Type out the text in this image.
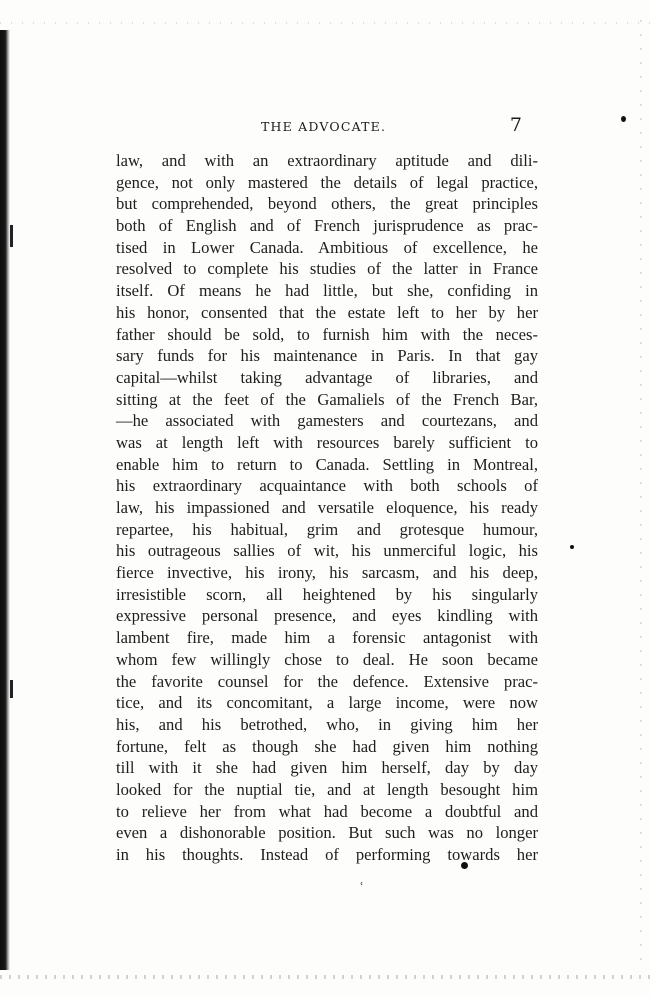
THE ADVOCATE.	7
law, and with an extraordinary aptitude and dili-
gence, not only mastered the details of legal practice,
but comprehended, beyond others, the great principles
both of English and of French jurisprudence as prac-
tised in Lower Canada. Ambitious of excellence, he
resolved to complete his studies of the latter in France
itself. Of means he had little, but she, confiding in
his honor, consented that the estate left to her by her
father should be sold, to furnish him with the neces-
sary funds for his maintenance in Paris. In that gay
capital—whilst taking advantage of libraries, and
sitting at the feet of the Gamaliels of the French Bar,
—he associated with gamesters and courtezans, and
was at length left with resources barely sufficient to
enable him to return to Canada. Settling in Montreal,
his extraordinary acquaintance with both schools of
law, his impassioned and versatile eloquence, his ready
repartee, his habitual, grim and grotesque humour,
his outrageous sallies of wit, his unmerciful logic, his
fierce invective, his irony, his sarcasm, and his deep,
irresistible scorn, all heightened by his singularly
expressive personal presence, and eyes kindling with
lambent fire, made him a forensic antagonist with
whom few willingly chose to deal. He soon became
the favorite counsel for the defence. Extensive prac-
tice, and its concomitant, a large income, were now
his, and his betrothed, who, in giving him her
fortune, felt as though she had given him nothing
till with it she had given him herself, day by day
looked for the nuptial tie, and at length besought him
to relieve her from what had become a doubtful and
even a dishonorable position. But such was no longer
in his thoughts. Instead of performing towards her
ʿ
